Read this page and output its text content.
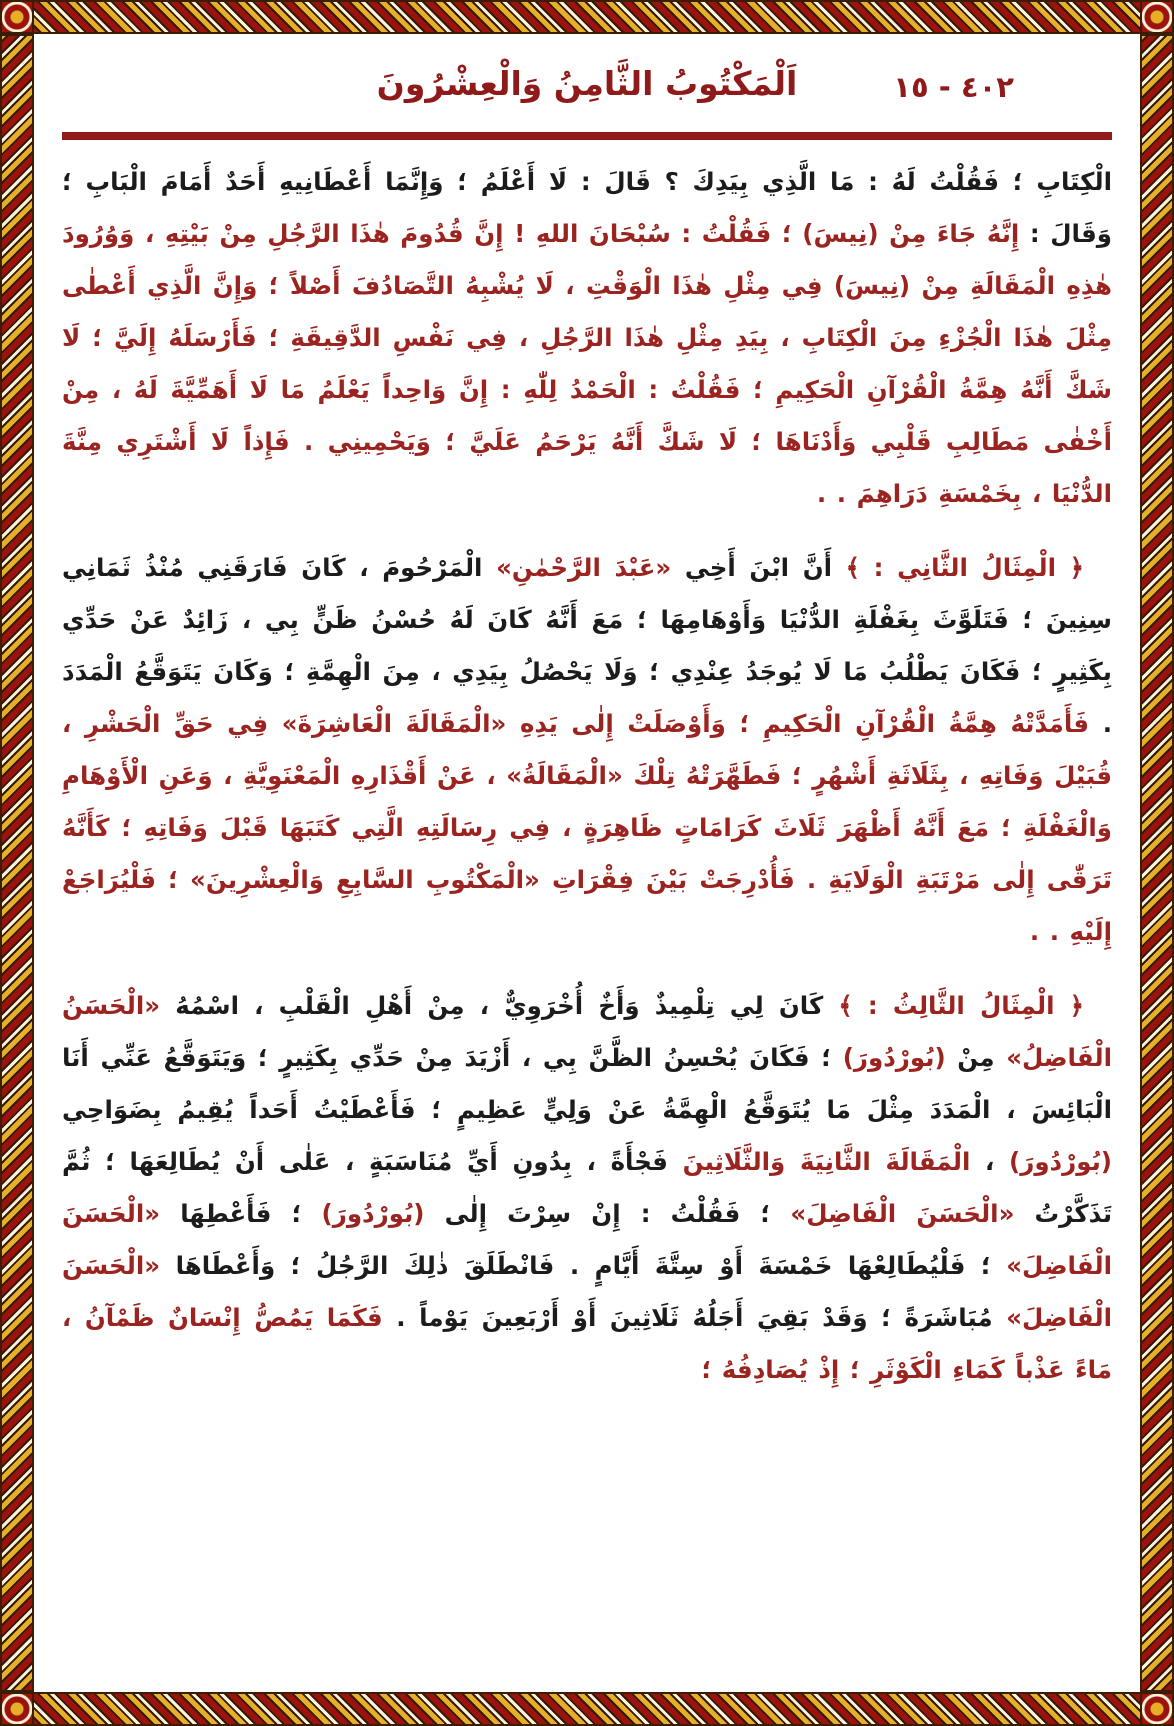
اَلْمَكْتُوبُ الثَّامِنُ وَالْعِشْرُونَ	٤٠٢ - ١٥

الْكِتَابِ ؛ فَقُلْتُ لَهُ : مَا الَّذِي بِيَدِكَ ؟ قَالَ : لَا أَعْلَمُ ؛ وَإِنَّمَا أَعْطَانِيهِ أَحَدٌ أَمَامَ الْبَابِ ؛ وَقَالَ : إِنَّهُ جَاءَ مِنْ (نِيسَ) ؛ فَقُلْتُ : سُبْحَانَ اللهِ ! إِنَّ قُدُومَ هٰذَا الرَّجُلِ مِنْ بَيْتِهِ ، وَوُرُودَ هٰذِهِ الْمَقَالَةِ مِنْ (نِيسَ) فِي مِثْلِ هٰذَا الْوَقْتِ ، لَا يُشْبِهُ التَّصَادُفَ أَصْلاً ؛ وَإِنَّ الَّذِي أَعْطٰى مِثْلَ هٰذَا الْجُزْءِ مِنَ الْكِتَابِ ، بِيَدِ مِثْلِ هٰذَا الرَّجُلِ ، فِي نَفْسِ الدَّقِيقَةِ ؛ فَأَرْسَلَهُ إِلَيَّ ؛ لَا شَكَّ أَنَّهُ هِمَّةُ الْقُرْآنِ الْحَكِيمِ ؛ فَقُلْتُ : الْحَمْدُ لِلّٰهِ : إِنَّ وَاحِداً يَعْلَمُ مَا لَا أَهَمِّيَّةَ لَهُ ، مِنْ أَخْفٰى مَطَالِبِ قَلْبِي وَأَدْنَاهَا ؛ لَا شَكَّ أَنَّهُ يَرْحَمُ عَلَيَّ ؛ وَيَحْمِينِي . فَإِذاً لَا أَشْتَرِي مِنَّةَ الدُّنْيَا ، بِخَمْسَةِ دَرَاهِمَ . .

﴿ الْمِثَالُ الثَّانِي : ﴾ أَنَّ ابْنَ أَخِي «عَبْدَ الرَّحْمٰنِ» الْمَرْحُومَ ، كَانَ فَارَقَنِي مُنْذُ ثَمَانِي سِنِينَ ؛ فَتَلَوَّثَ بِغَفْلَةِ الدُّنْيَا وَأَوْهَامِهَا ؛ مَعَ أَنَّهُ كَانَ لَهُ حُسْنُ ظَنٍّ بِي ، زَائِدٌ عَنْ حَدِّي بِكَثِيرٍ ؛ فَكَانَ يَطْلُبُ مَا لَا يُوجَدُ عِنْدِي ؛ وَلَا يَحْصُلُ بِيَدِي ، مِنَ الْهِمَّةِ ؛ وَكَانَ يَتَوَقَّعُ الْمَدَدَ . فَأَمَدَّتْهُ هِمَّةُ الْقُرْآنِ الْحَكِيمِ ؛ وَأَوْصَلَتْ إِلٰى يَدِهِ «الْمَقَالَةَ الْعَاشِرَةَ» فِي حَقِّ الْحَشْرِ ، قُبَيْلَ وَفَاتِهِ ، بِثَلَاثَةِ أَشْهُرٍ ؛ فَطَهَّرَتْهُ تِلْكَ «الْمَقَالَةُ» ، عَنْ أَقْذَارِهِ الْمَعْنَوِيَّةِ ، وَعَنِ الْأَوْهَامِ وَالْغَفْلَةِ ؛ مَعَ أَنَّهُ أَظْهَرَ ثَلَاثَ كَرَامَاتٍ ظَاهِرَةٍ ، فِي رِسَالَتِهِ الَّتِي كَتَبَهَا قَبْلَ وَفَاتِهِ ؛ كَأَنَّهُ تَرَقّٰى إِلٰى مَرْتَبَةِ الْوَلَايَةِ . فَأُدْرِجَتْ بَيْنَ فِقْرَاتِ «الْمَكْتُوبِ السَّابِعِ وَالْعِشْرِينَ» ؛ فَلْيُرَاجَعْ إِلَيْهِ . .

﴿ الْمِثَالُ الثَّالِثُ : ﴾ كَانَ لِي تِلْمِيذٌ وَأَخٌ أُخْرَوِيٌّ ، مِنْ أَهْلِ الْقَلْبِ ، اسْمُهُ «الْحَسَنُ الْفَاضِلُ» مِنْ (بُورْدُورَ) ؛ فَكَانَ يُحْسِنُ الظَّنَّ بِي ، أَزْيَدَ مِنْ حَدِّي بِكَثِيرٍ ؛ وَيَتَوَقَّعُ عَنِّي أَنَا الْبَائِسَ ، الْمَدَدَ مِثْلَ مَا يُتَوَقَّعُ الْهِمَّةُ عَنْ وَلِيٍّ عَظِيمٍ ؛ فَأَعْطَيْتُ أَحَداً يُقِيمُ بِضَوَاحِي (بُورْدُورَ) ، الْمَقَالَةَ الثَّانِيَةَ وَالثَّلَاثِينَ فَجْأَةً ، بِدُونِ أَيِّ مُنَاسَبَةٍ ، عَلٰى أَنْ يُطَالِعَهَا ؛ ثُمَّ تَذَكَّرْتُ «الْحَسَنَ الْفَاضِلَ» ؛ فَقُلْتُ : إِنْ سِرْتَ إِلٰى (بُورْدُورَ) ؛ فَأَعْطِهَا «الْحَسَنَ الْفَاضِلَ» ؛ فَلْيُطَالِعْهَا خَمْسَةَ أَوْ سِتَّةَ أَيَّامٍ . فَانْطَلَقَ ذٰلِكَ الرَّجُلُ ؛ وَأَعْطَاهَا «الْحَسَنَ الْفَاضِلَ» مُبَاشَرَةً ؛ وَقَدْ بَقِيَ أَجَلُهُ ثَلَاثِينَ أَوْ أَرْبَعِينَ يَوْماً . فَكَمَا يَمُصُّ إِنْسَانٌ ظَمْآنُ ، مَاءً عَذْباً كَمَاءِ الْكَوْثَرِ ؛ إِذْ يُصَادِفُهُ ؛
